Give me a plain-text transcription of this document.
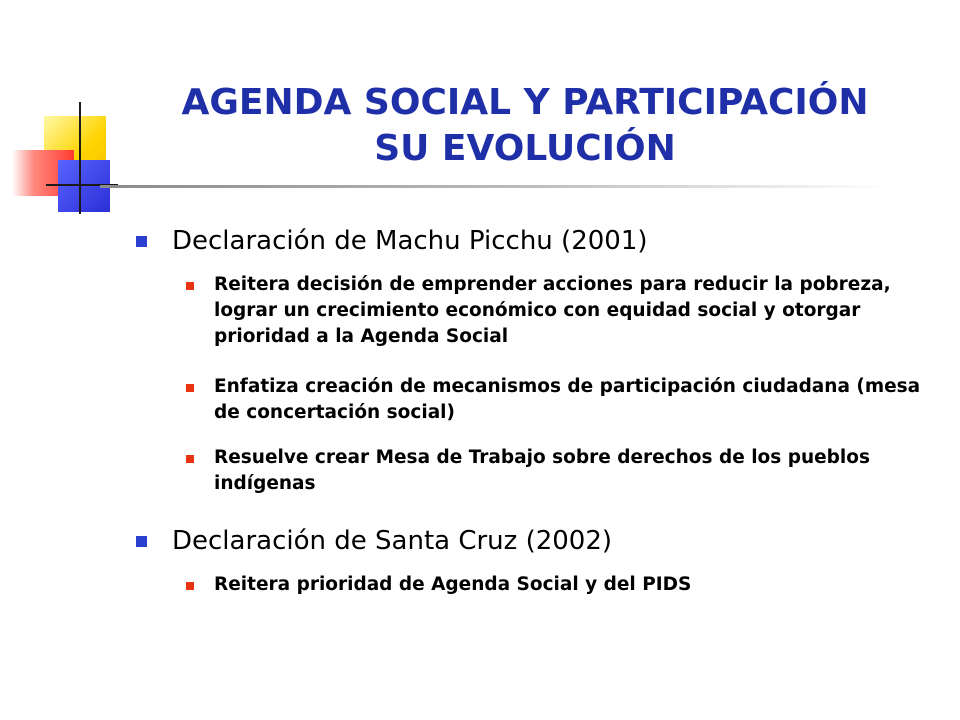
AGENDA SOCIAL Y PARTICIPACIÓN
SU EVOLUCIÓN
Declaración de Machu Picchu (2001)
Reitera decisión de emprender acciones para reducir la pobreza, lograr un crecimiento económico con equidad social y otorgar prioridad a la Agenda Social
Enfatiza creación de mecanismos de participación ciudadana (mesa de concertación social)
Resuelve crear Mesa de Trabajo sobre derechos de los pueblos indígenas
Declaración de Santa Cruz (2002)
Reitera prioridad de Agenda Social y del PIDS
